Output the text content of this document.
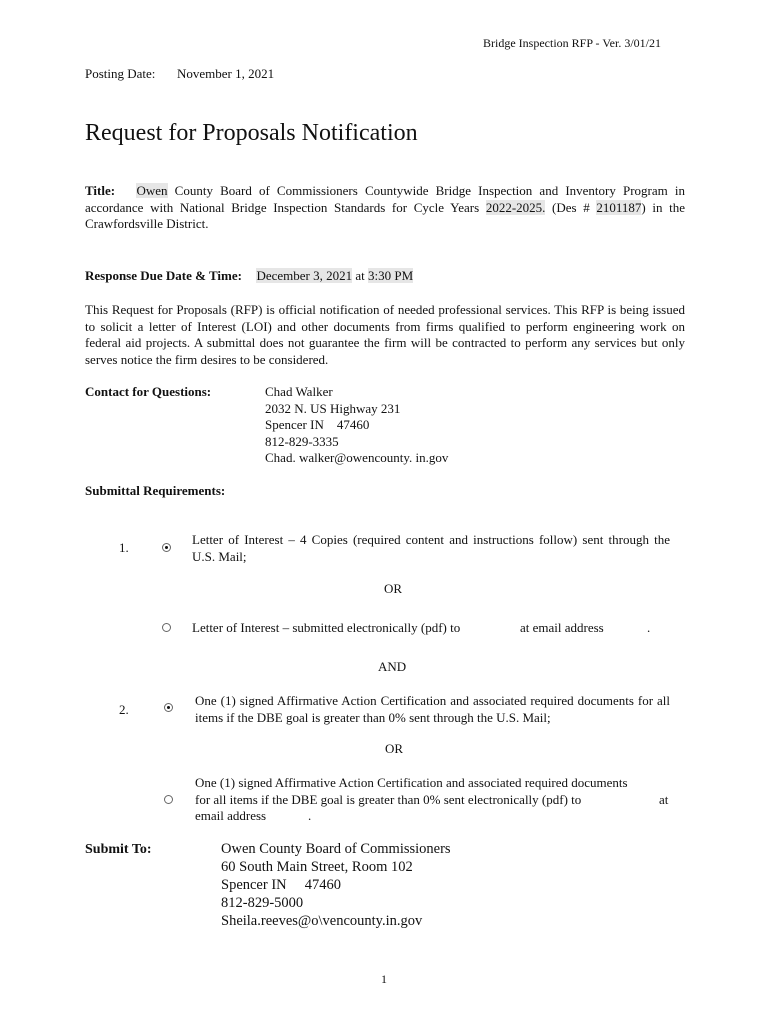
Bridge Inspection RFP - Ver. 3/01/21
Posting Date: November 1, 2021
Request for Proposals Notification
Title: Owen County Board of Commissioners Countywide Bridge Inspection and Inventory Program in accordance with National Bridge Inspection Standards for Cycle Years 2022-2025. (Des # 2101187) in the Crawfordsville District.
Response Due Date & Time: December 3, 2021 at 3:30 PM
This Request for Proposals (RFP) is official notification of needed professional services. This RFP is being issued to solicit a letter of Interest (LOI) and other documents from firms qualified to perform engineering work on federal aid projects. A submittal does not guarantee the firm will be contracted to perform any services but only serves notice the firm desires to be considered.
Contact for Questions:	Chad Walker
2032 N. US Highway 231
Spencer IN    47460
812-829-3335
Chad. walker@owencounty. in.gov
Submittal Requirements:
1.
Letter of Interest – 4 Copies (required content and instructions follow) sent through the U.S. Mail;
OR
Letter of Interest – submitted electronically (pdf) to	at email address	.
AND
2.
One (1) signed Affirmative Action Certification and associated required documents for all items if the DBE goal is greater than 0% sent through the U.S. Mail;
OR
One (1) signed Affirmative Action Certification and associated required documents
for all items if the DBE goal is greater than 0% sent electronically (pdf) to	at
email address	.
Submit To:	Owen County Board of Commissioners
60 South Main Street, Room 102
Spencer IN     47460
812-829-5000
Sheila.reeves@o\vencounty.in.gov
1
